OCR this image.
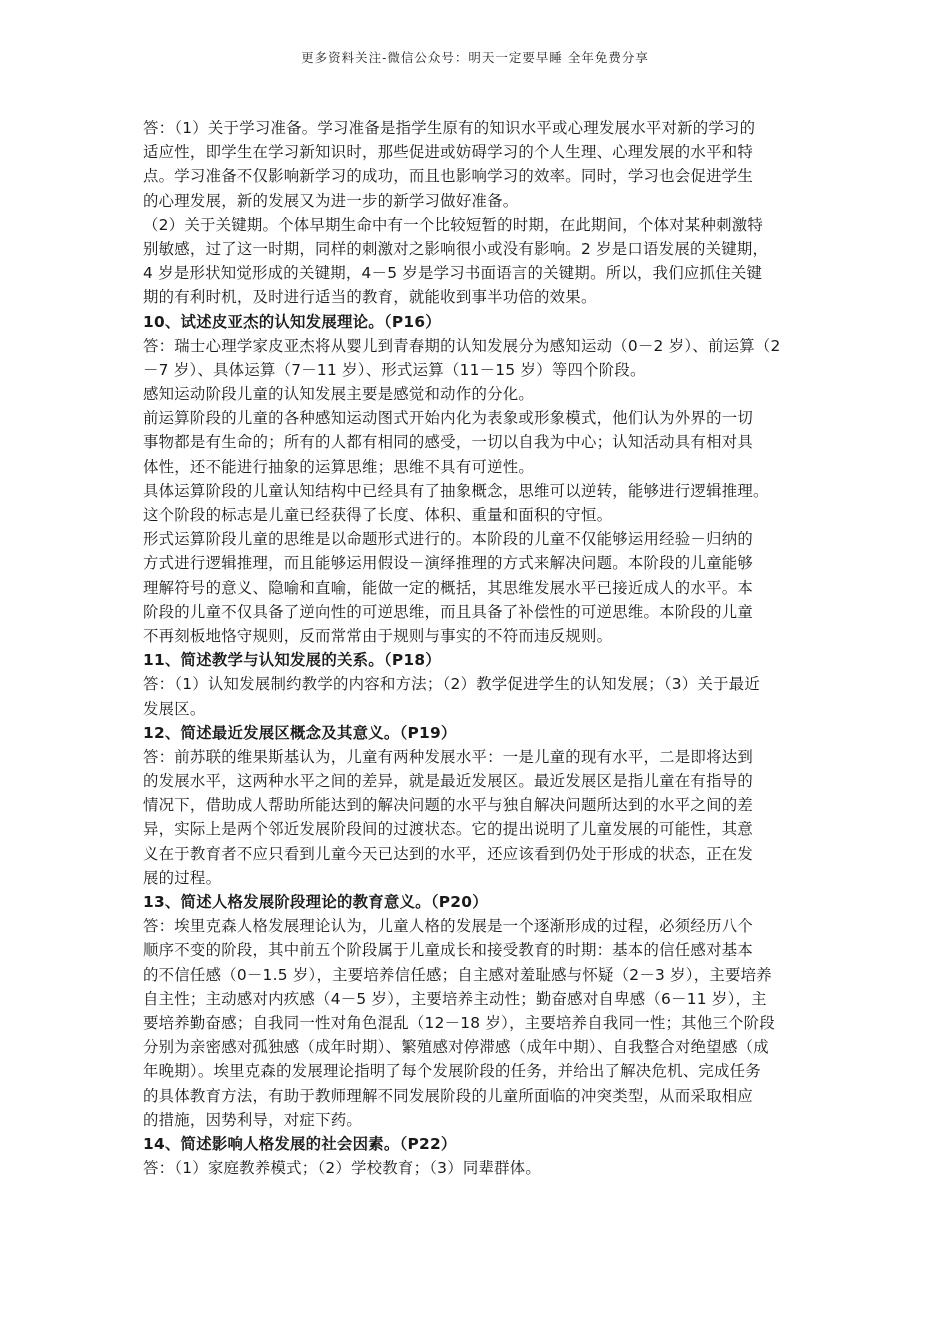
更多资料关注-微信公众号：明天一定要早睡 全年免费分享
答：（1）关于学习准备。学习准备是指学生原有的知识水平或心理发展水平对新的学习的
适应性，即学生在学习新知识时，那些促进或妨碍学习的个人生理、心理发展的水平和特
点。学习准备不仅影响新学习的成功，而且也影响学习的效率。同时，学习也会促进学生
的心理发展，新的发展又为进一步的新学习做好准备。
（2）关于关键期。个体早期生命中有一个比较短暂的时期，在此期间，个体对某种刺激特
别敏感，过了这一时期，同样的刺激对之影响很小或没有影响。2 岁是口语发展的关键期，
4 岁是形状知觉形成的关键期，4－5 岁是学习书面语言的关键期。所以，我们应抓住关键
期的有利时机，及时进行适当的教育，就能收到事半功倍的效果。
10、试述皮亚杰的认知发展理论。（P16）
答：瑞士心理学家皮亚杰将从婴儿到青春期的认知发展分为感知运动（0－2 岁）、前运算（2
－7 岁）、具体运算（7－11 岁）、形式运算（11－15 岁）等四个阶段。
感知运动阶段儿童的认知发展主要是感觉和动作的分化。
前运算阶段的儿童的各种感知运动图式开始内化为表象或形象模式，他们认为外界的一切
事物都是有生命的；所有的人都有相同的感受，一切以自我为中心；认知活动具有相对具
体性，还不能进行抽象的运算思维；思维不具有可逆性。
具体运算阶段的儿童认知结构中已经具有了抽象概念，思维可以逆转，能够进行逻辑推理。
这个阶段的标志是儿童已经获得了长度、体积、重量和面积的守恒。
形式运算阶段儿童的思维是以命题形式进行的。本阶段的儿童不仅能够运用经验－归纳的
方式进行逻辑推理，而且能够运用假设－演绎推理的方式来解决问题。本阶段的儿童能够
理解符号的意义、隐喻和直喻，能做一定的概括，其思维发展水平已接近成人的水平。本
阶段的儿童不仅具备了逆向性的可逆思维，而且具备了补偿性的可逆思维。本阶段的儿童
不再刻板地恪守规则，反而常常由于规则与事实的不符而违反规则。
11、简述教学与认知发展的关系。（P18）
答：（1）认知发展制约教学的内容和方法；（2）教学促进学生的认知发展；（3）关于最近
发展区。
12、简述最近发展区概念及其意义。（P19）
答：前苏联的维果斯基认为，儿童有两种发展水平：一是儿童的现有水平，二是即将达到
的发展水平，这两种水平之间的差异，就是最近发展区。最近发展区是指儿童在有指导的
情况下，借助成人帮助所能达到的解决问题的水平与独自解决问题所达到的水平之间的差
异，实际上是两个邻近发展阶段间的过渡状态。它的提出说明了儿童发展的可能性，其意
义在于教育者不应只看到儿童今天已达到的水平，还应该看到仍处于形成的状态，正在发
展的过程。
13、简述人格发展阶段理论的教育意义。（P20）
答：埃里克森人格发展理论认为，儿童人格的发展是一个逐渐形成的过程，必须经历八个
顺序不变的阶段，其中前五个阶段属于儿童成长和接受教育的时期：基本的信任感对基本
的不信任感（0－1.5 岁），主要培养信任感；自主感对羞耻感与怀疑（2－3 岁），主要培养
自主性；主动感对内疚感（4－5 岁），主要培养主动性；勤奋感对自卑感（6－11 岁），主
要培养勤奋感；自我同一性对角色混乱（12－18 岁），主要培养自我同一性；其他三个阶段
分别为亲密感对孤独感（成年时期）、繁殖感对停滞感（成年中期）、自我整合对绝望感（成
年晚期）。埃里克森的发展理论指明了每个发展阶段的任务，并给出了解决危机、完成任务
的具体教育方法，有助于教师理解不同发展阶段的儿童所面临的冲突类型，从而采取相应
的措施，因势利导，对症下药。
14、简述影响人格发展的社会因素。（P22）
答：（1）家庭教养模式；（2）学校教育；（3）同辈群体。
